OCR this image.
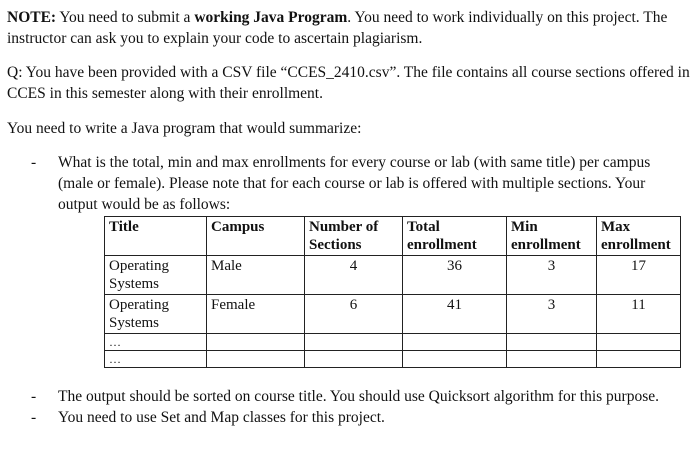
NOTE: You need to submit a working Java Program. You need to work individually on this project. The instructor can ask you to explain your code to ascertain plagiarism.

Q: You have been provided with a CSV file “CCES_2410.csv”. The file contains all course sections offered in CCES in this semester along with their enrollment.

You need to write a Java program that would summarize:

- What is the total, min and max enrollments for every course or lab (with same title) per campus (male or female). Please note that for each course or lab is offered with multiple sections. Your output would be as follows:

Title	Campus	Number of Sections	Total enrollment	Min enrollment	Max enrollment
Operating Systems	Male	4	36	3	17
Operating Systems	Female	6	41	3	11
…					
…					
- The output should be sorted on course title. You should use Quicksort algorithm for this purpose.

- You need to use Set and Map classes for this project.
